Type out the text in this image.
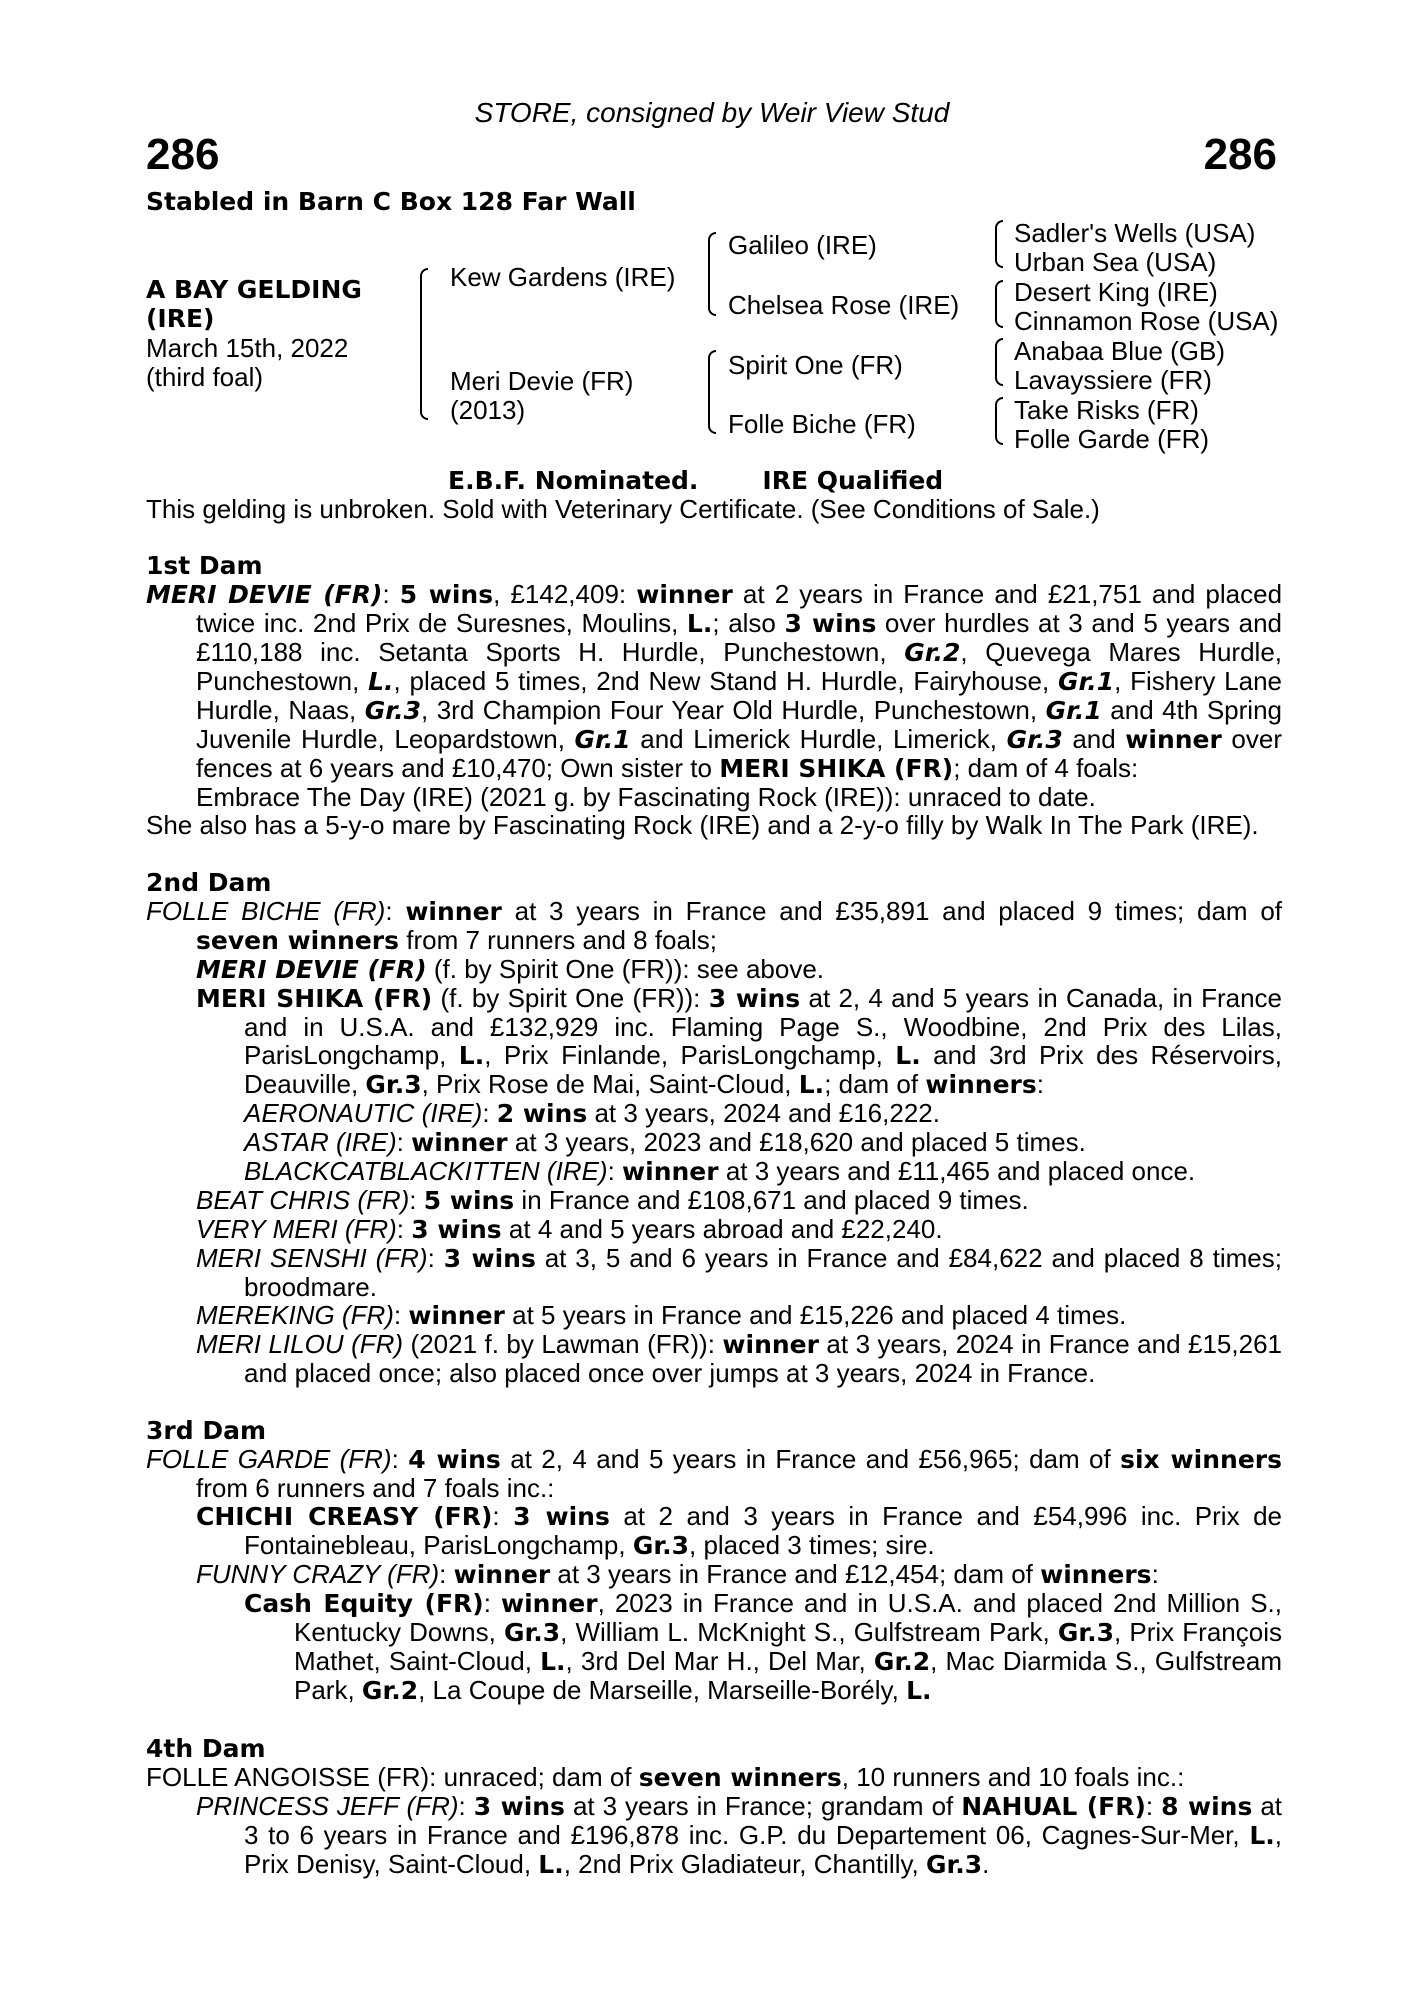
STORE, consigned by Weir View Stud
286	286
Stabled in Barn C Box 128 Far Wall
A BAY GELDING
(IRE)
March 15th, 2022
(third foal)
Kew Gardens (IRE)
Meri Devie (FR)
(2013)
Galileo (IRE)
Chelsea Rose (IRE)
Spirit One (FR)
Folle Biche (FR)
Sadler's Wells (USA)
Urban Sea (USA)
Desert King (IRE)
Cinnamon Rose (USA)
Anabaa Blue (GB)
Lavayssiere (FR)
Take Risks (FR)
Folle Garde (FR)
E.B.F. Nominated.	IRE Qualified
This gelding is unbroken. Sold with Veterinary Certificate. (See Conditions of Sale.)
1st Dam

MERI DEVIE (FR): 5 wins, £142,409: winner at 2 years in France and £21,751 and placed twice inc. 2nd Prix de Suresnes, Moulins, L.; also 3 wins over hurdles at 3 and 5 years and £110,188 inc. Setanta Sports H. Hurdle, Punchestown, Gr.2, Quevega Mares Hurdle, Punchestown, L., placed 5 times, 2nd New Stand H. Hurdle, Fairyhouse, Gr.1, Fishery Lane Hurdle, Naas, Gr.3, 3rd Champion Four Year Old Hurdle, Punchestown, Gr.1 and 4th Spring Juvenile Hurdle, Leopardstown, Gr.1 and Limerick Hurdle, Limerick, Gr.3 and winner over fences at 6 years and £10,470; Own sister to MERI SHIKA (FR); dam of 4 foals:

Embrace The Day (IRE) (2021 g. by Fascinating Rock (IRE)): unraced to date.

She also has a 5-y-o mare by Fascinating Rock (IRE) and a 2-y-o filly by Walk In The Park (IRE).

2nd Dam

FOLLE BICHE (FR): winner at 3 years in France and £35,891 and placed 9 times; dam of seven winners from 7 runners and 8 foals;

MERI DEVIE (FR) (f. by Spirit One (FR)): see above.

MERI SHIKA (FR) (f. by Spirit One (FR)): 3 wins at 2, 4 and 5 years in Canada, in France and in U.S.A. and £132,929 inc. Flaming Page S., Woodbine, 2nd Prix des Lilas, ParisLongchamp, L., Prix Finlande, ParisLongchamp, L. and 3rd Prix des Réservoirs, Deauville, Gr.3, Prix Rose de Mai, Saint-Cloud, L.; dam of winners:

AERONAUTIC (IRE): 2 wins at 3 years, 2024 and £16,222.

ASTAR (IRE): winner at 3 years, 2023 and £18,620 and placed 5 times.

BLACKCATBLACKITTEN (IRE): winner at 3 years and £11,465 and placed once.

BEAT CHRIS (FR): 5 wins in France and £108,671 and placed 9 times.

VERY MERI (FR): 3 wins at 4 and 5 years abroad and £22,240.

MERI SENSHI (FR): 3 wins at 3, 5 and 6 years in France and £84,622 and placed 8 times; broodmare.

MEREKING (FR): winner at 5 years in France and £15,226 and placed 4 times.

MERI LILOU (FR) (2021 f. by Lawman (FR)): winner at 3 years, 2024 in France and £15,261 and placed once; also placed once over jumps at 3 years, 2024 in France.

3rd Dam

FOLLE GARDE (FR): 4 wins at 2, 4 and 5 years in France and £56,965; dam of six winners from 6 runners and 7 foals inc.:

CHICHI CREASY (FR): 3 wins at 2 and 3 years in France and £54,996 inc. Prix de Fontainebleau, ParisLongchamp, Gr.3, placed 3 times; sire.

FUNNY CRAZY (FR): winner at 3 years in France and £12,454; dam of winners:

Cash Equity (FR): winner, 2023 in France and in U.S.A. and placed 2nd Million S., Kentucky Downs, Gr.3, William L. McKnight S., Gulfstream Park, Gr.3, Prix François Mathet, Saint-Cloud, L., 3rd Del Mar H., Del Mar, Gr.2, Mac Diarmida S., Gulfstream Park, Gr.2, La Coupe de Marseille, Marseille-Borély, L.

4th Dam

FOLLE ANGOISSE (FR): unraced; dam of seven winners, 10 runners and 10 foals inc.:

PRINCESS JEFF (FR): 3 wins at 3 years in France; grandam of NAHUAL (FR): 8 wins at 3 to 6 years in France and £196,878 inc. G.P. du Departement 06, Cagnes-Sur-Mer, L., Prix Denisy, Saint-Cloud, L., 2nd Prix Gladiateur, Chantilly, Gr.3.
